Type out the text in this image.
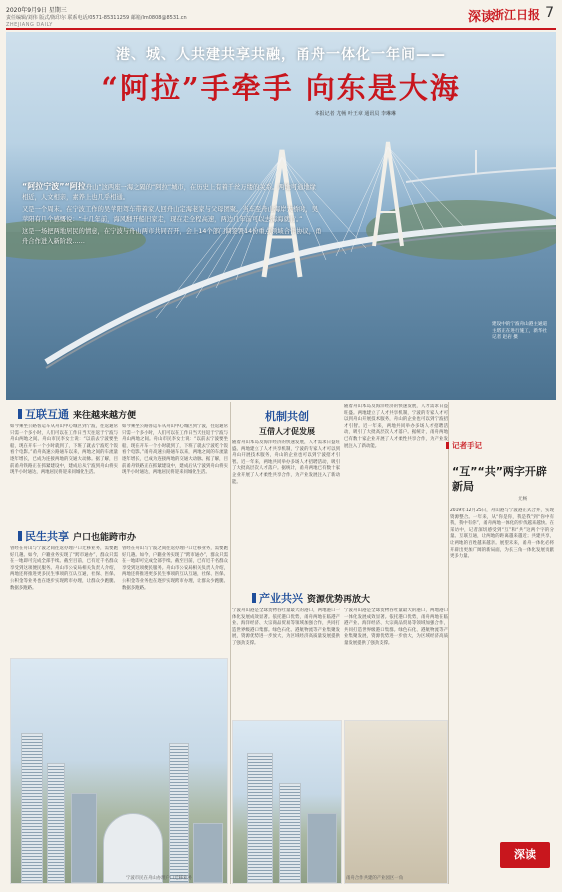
2020年9月9日 星期三
责任编辑/刘伟 版式/陈印尔 联系电话/0571-85311259 邮箱/lm0808@8531.cn
ZHEJIANG DAILY	深读
浙江日报 7
港、城、人共建共享共融，甬舟一体化一年间——
“阿拉”手牵手 向东是大海
本报记者 尤畅 叶王章 通讯员 李琳琳

“阿拉宁波”“阿拉舟山”这两座一海之隔的“阿拉”城市，在历史上有着千丝万缕的关系。两地可通地缘相近，人文相亲，素养上也几乎相通。

又是一个周末。在宁波工作的吴苹阳驾车带着家人回舟山定海老家与父母团聚。当车至舟山海岸大桥时，吴苹阳有几个感慨说：“十几年前，海风翻开船旧家走，现在走全程高速，两边几年前可以去海海就行。”

这是一场把两地居民的情意，在宁波与舟山两市共同召开，会上14个部门调签署14份重点领域合作协议，甬舟合作进入新阶段……

建设中的宁波舟山港主通道主塔正在进行施工，新华社记者 赵岩 摄
互联互通 来往越来越方便
如今乘坐公路客运车从舟山中心城区到宁波，往返通常只需一个多小时，人们可以在工作日当天往返于宁波与舟山两地之间。舟山市民李女士说：“以前去宁波要坐船，现在开车一个小时就到了，下班了就去宁波吃个饭看个电影。”甬舟高速公路通车以来，两地之间的车流量逐年增长，已成为连接两地的交通大动脉。据了解，目前甬舟铁路正在抓紧建设中，建成后从宁波到舟山将实现半小时通达，两地居民将迎来同城化生活。
如今乘坐公路客运车从舟山中心城区到宁波，往返通常只需一个多小时，人们可以在工作日当天往返于宁波与舟山两地之间。舟山市民李女士说：“以前去宁波要坐船，现在开车一个小时就到了，下班了就去宁波吃个饭看个电影。”甬舟高速公路通车以来，两地之间的车流量逐年增长，已成为连接两地的交通大动脉。据了解，目前甬舟铁路正在抓紧建设中，建成后从宁波到舟山将实现半小时通达，两地居民将迎来同城化生活。
民生共享 户口也能跨市办
曾经在舟山与宁波之间往返办理户口迁移业务，需要跑好几趟。如今，户籍业务实现了“跨市通办”，群众只需在一地即可完成全部手续。截至目前，已有近千名群众享受到这项便民服务。舟山市公安局相关负责人介绍，两地还将推进更多民生事项的互认互通，社保、医保、公积金等业务也在逐步实现跨市办理，让群众少跑腿、数据多跑路。
曾经在舟山与宁波之间往返办理户口迁移业务，需要跑好几趟。如今，户籍业务实现了“跨市通办”，群众只需在一地即可完成全部手续。截至目前，已有近千名群众享受到这项便民服务。舟山市公安局相关负责人介绍，两地还将推进更多民生事项的互认互通，社保、医保、公积金等业务也在逐步实现跨市办理，让群众少跑腿、数据多跑路。
机制共创
互借人才促发展
随着舟山本岛及海洋经济的快速发展，人才需求日益旺盛。两地建立了人才共享机制，宁波的专家人才可以到舟山开展技术服务，舟山的企业也可以到宁波招才引智。近一年来，两地共同举办多场人才招聘活动，吸引了大批高层次人才落户。据统计，甬舟两地已有数十家企业开展了人才柔性共享合作，为产业发展注入了新动能。
随着舟山本岛及海洋经济的快速发展，人才需求日益旺盛。两地建立了人才共享机制，宁波的专家人才可以到舟山开展技术服务，舟山的企业也可以到宁波招才引智。近一年来，两地共同举办多场人才招聘活动，吸引了大批高层次人才落户。据统计，甬舟两地已有数十家企业开展了人才柔性共享合作，为产业发展注入了新动能。
产业共兴 资源优势再放大
宁波舟山港是全球货物吞吐量最大的港口，两地港口一体化发展成效显著。依托港口优势，甬舟两地在临港产业、海洋经济、大宗商品贸易等领域加强合作，共同打造世界级港口集群。绿色石化、港航物流等产业集聚发展，资源优势进一步放大，为区域经济高质量发展提供了强劲支撑。
宁波舟山港是全球货物吞吐量最大的港口，两地港口一体化发展成效显著。依托港口优势，甬舟两地在临港产业、海洋经济、大宗商品贸易等领域加强合作，共同打造世界级港口集群。绿色石化、港航物流等产业集聚发展，资源优势进一步放大，为区域经济高质量发展提供了强劲支撑。
宁波市民在舟山办理户口迁移业务	甬舟合作共建的产业园区一角
记者手记
“互”“共”两字开辟新局
尤畅
2019年12月25日，舟山港与宁波港正式合并，实现资源整合。一年来，从“你是你，我是我”到“你中有我，我中有你”，甬舟两地一体化的步伐越来越快。在采访中，记者深切感受到“互”和“共”这两个字的分量。互联互通，让两地的距离越来越近；共建共享，让两地的百姓越来越亲。展望未来，甬舟一体化必将开辟出更加广阔的新局面，为长三角一体化发展贡献更多力量。
深读
